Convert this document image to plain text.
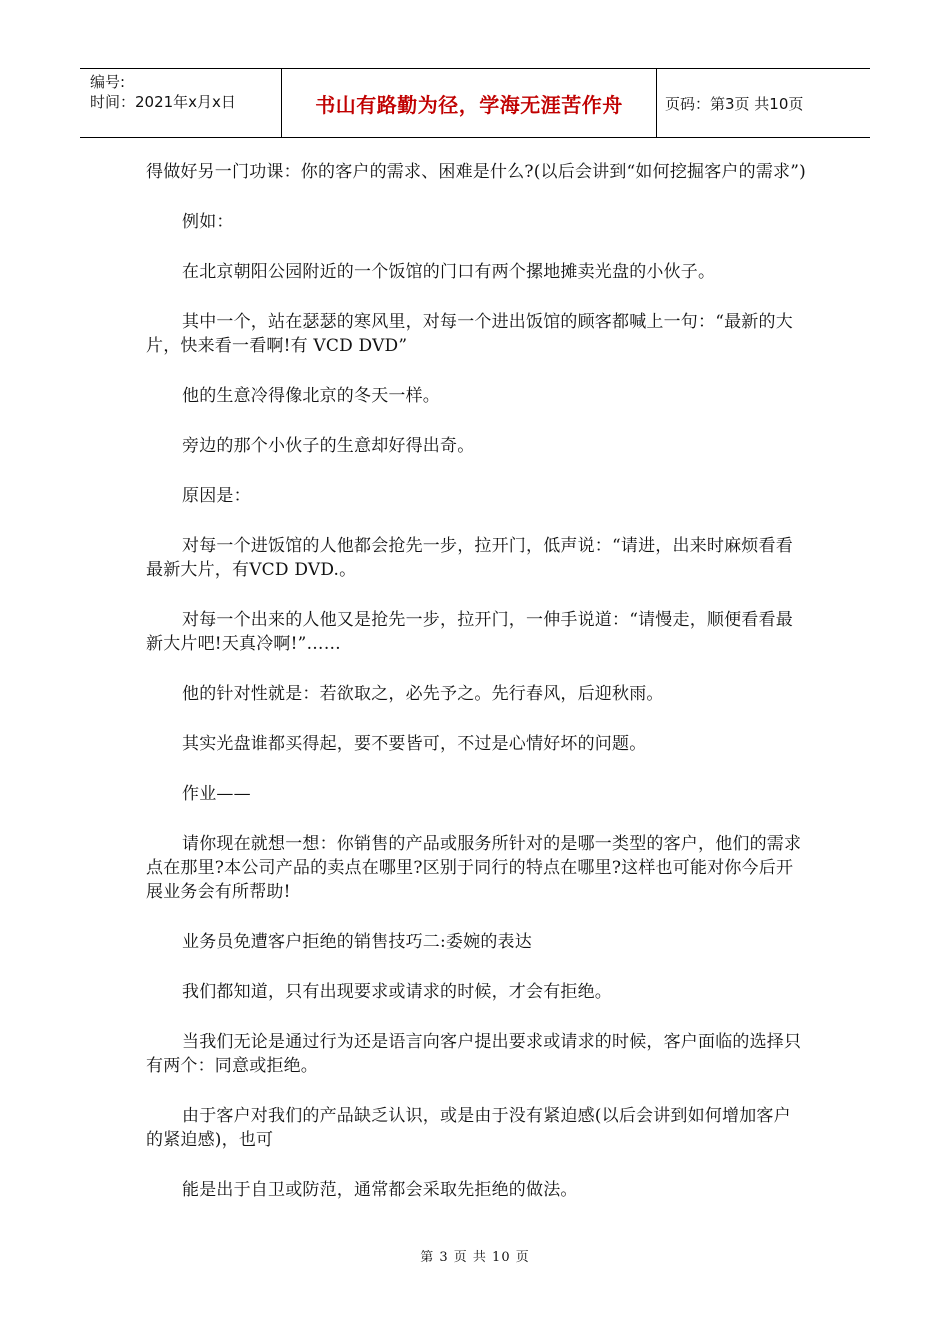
编号:
时间：2021年x月x日	书山有路勤为径，学海无涯苦作舟	页码：第3页 共10页

得做好另一门功课：你的客户的需求、困难是什么?(以后会讲到“如何挖掘客户的需求”)

例如：

在北京朝阳公园附近的一个饭馆的门口有两个摞地摊卖光盘的小伙子。

其中一个，站在瑟瑟的寒风里，对每一个进出饭馆的顾客都喊上一句：“最新的大片，快来看一看啊!有 VCD DVD”

他的生意冷得像北京的冬天一样。

旁边的那个小伙子的生意却好得出奇。

原因是：

对每一个进饭馆的人他都会抢先一步，拉开门，低声说：“请进，出来时麻烦看看最新大片，有VCD DVD.。

对每一个出来的人他又是抢先一步，拉开门，一伸手说道：“请慢走，顺便看看最新大片吧!天真冷啊!”……

他的针对性就是：若欲取之，必先予之。先行春风，后迎秋雨。

其实光盘谁都买得起，要不要皆可，不过是心情好坏的问题。

作业——

请你现在就想一想：你销售的产品或服务所针对的是哪一类型的客户，他们的需求点在那里?本公司产品的卖点在哪里?区别于同行的特点在哪里?这样也可能对你今后开展业务会有所帮助!

业务员免遭客户拒绝的销售技巧二:委婉的表达

我们都知道，只有出现要求或请求的时候，才会有拒绝。

当我们无论是通过行为还是语言向客户提出要求或请求的时候，客户面临的选择只有两个：同意或拒绝。

由于客户对我们的产品缺乏认识，或是由于没有紧迫感(以后会讲到如何增加客户的紧迫感)，也可

能是出于自卫或防范，通常都会采取先拒绝的做法。

第 3 页 共 10 页
